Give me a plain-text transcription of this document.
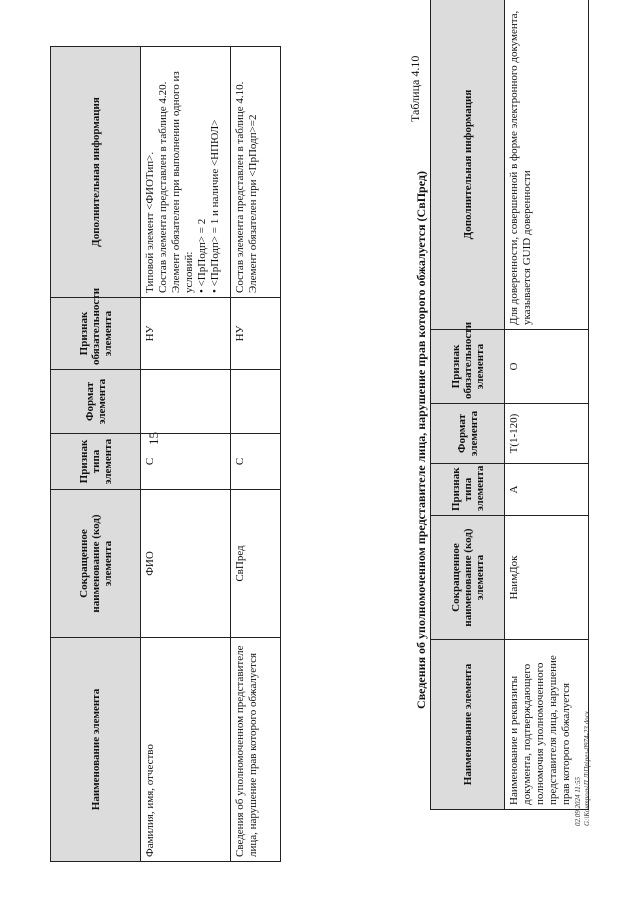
15
Наименование элемента	Сокращенное наименование (код) элемента	Признак типа элемента	Формат элемента	Признак обязательности элемента	Дополнительная информация
Фамилия, имя, отчество	ФИО	С		НУ	Типовой элемент <ФИОТип>. Состав элемента представлен в таблице 4.20. Элемент обязателен при выполнении одного из условий: • <ПрПодп> = 2 • <ПрПодп> = 1 и наличие <НПЮЛ>

Сведения об уполномоченном представителе лица, нарушение прав которого обжалуется	СвПред	С		НУ	Состав элемента представлен в таблице 4.10. Элемент обязателен при <ПрПодп>=2
Таблица 4.10
Сведения об уполномоченном представителе лица, нарушение прав которого обжалуется (СвПред)
Наименование элемента	Сокращенное наименование (код) элемента	Признак типа элемента	Формат элемента	Признак обязательности элемента	Дополнительная информация
Наименование и реквизиты документа, подтверждающего полномочия уполномоченного представителя лица, нарушение прав которого обжалуется	НаимДок	А	T(1-120)	О	Для доверенности, совершенной в форме электронного документа, указывается GUID доверенности
02.09.2024 11:55 G:\Контроль\П Л\Пр\рел-0974-23.docx
